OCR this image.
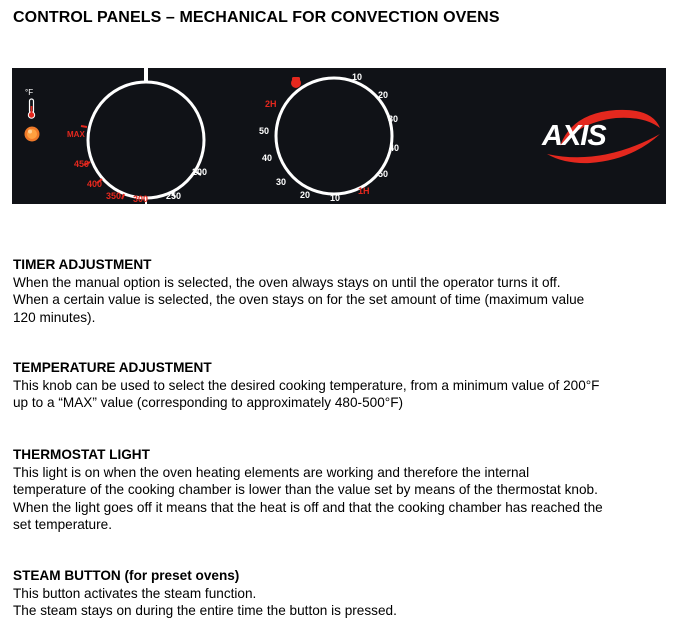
CONTROL PANELS – MECHANICAL FOR CONVECTION OVENS
°F
MAX
450
400
350 300 250
200
10
20
30
40
50
1H
10
20
30
40
50
2H
AXIS
TIMER ADJUSTMENT

When the manual option is selected, the oven always stays on until the operator turns it off.

When a certain value is selected, the oven stays on for the set amount of time (maximum value

120 minutes).

TEMPERATURE ADJUSTMENT

This knob can be used to select the desired cooking temperature, from a minimum value of 200°F

up to a “MAX” value (corresponding to approximately 480-500°F)

THERMOSTAT LIGHT

This light is on when the oven heating elements are working and therefore the internal

temperature of the cooking chamber is lower than the value set by means of the thermostat knob.

When the light goes off it means that the heat is off and that the cooking chamber has reached the

set temperature.

STEAM BUTTON (for preset ovens)

This button activates the steam function.

The steam stays on during the entire time the button is pressed.
